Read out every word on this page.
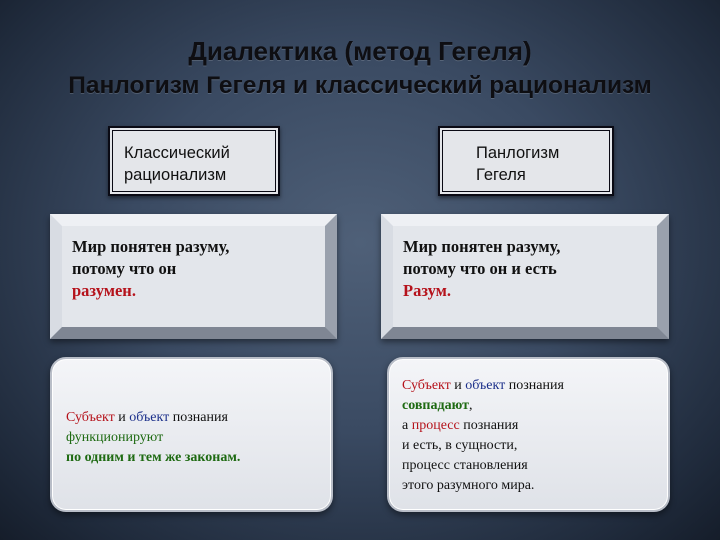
Диалектика (метод Гегеля)
Панлогизм Гегеля и классический рационализм
Классический
рационализм
Панлогизм
Гегеля
Мир понятен разуму,
потому что он
разумен.
Мир понятен разуму,
потому что он и есть
Разум.
Субъект и объект познания
функционируют
по одним и тем же законам.
Субъект и объект познания
совпадают,
а процесс познания
и есть, в сущности,
процесс становления
этого разумного мира.
